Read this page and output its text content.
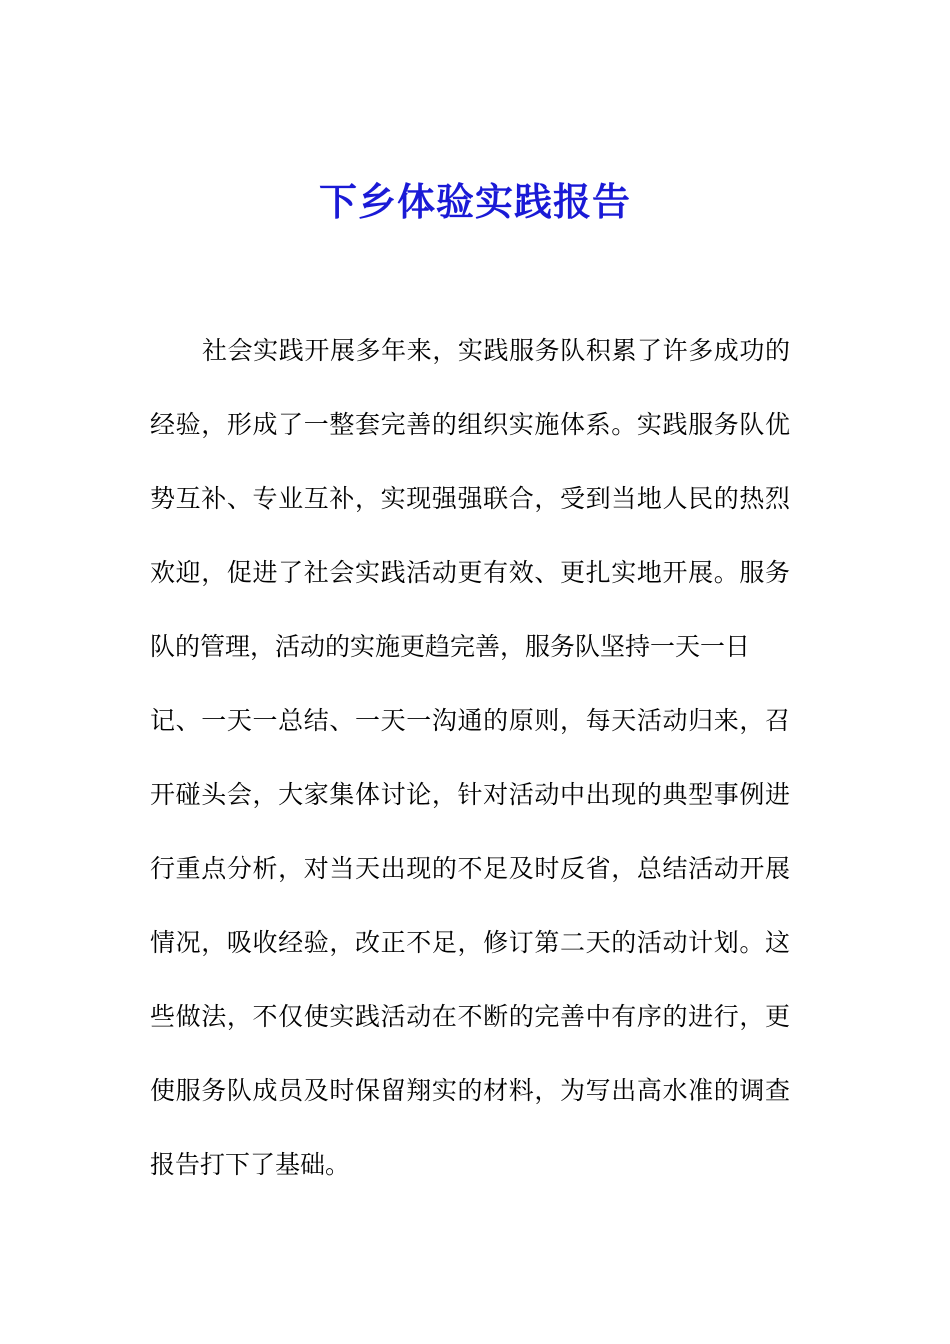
下乡体验实践报告
社会实践开展多年来，实践服务队积累了许多成功的
经验，形成了一整套完善的组织实施体系。实践服务队优
势互补、专业互补，实现强强联合，受到当地人民的热烈
欢迎，促进了社会实践活动更有效、更扎实地开展。服务
队的管理，活动的实施更趋完善，服务队坚持一天一日
记、一天一总结、一天一沟通的原则，每天活动归来，召
开碰头会，大家集体讨论，针对活动中出现的典型事例进
行重点分析，对当天出现的不足及时反省，总结活动开展
情况，吸收经验，改正不足，修订第二天的活动计划。这
些做法，不仅使实践活动在不断的完善中有序的进行，更
使服务队成员及时保留翔实的材料，为写出高水准的调查
报告打下了基础。
